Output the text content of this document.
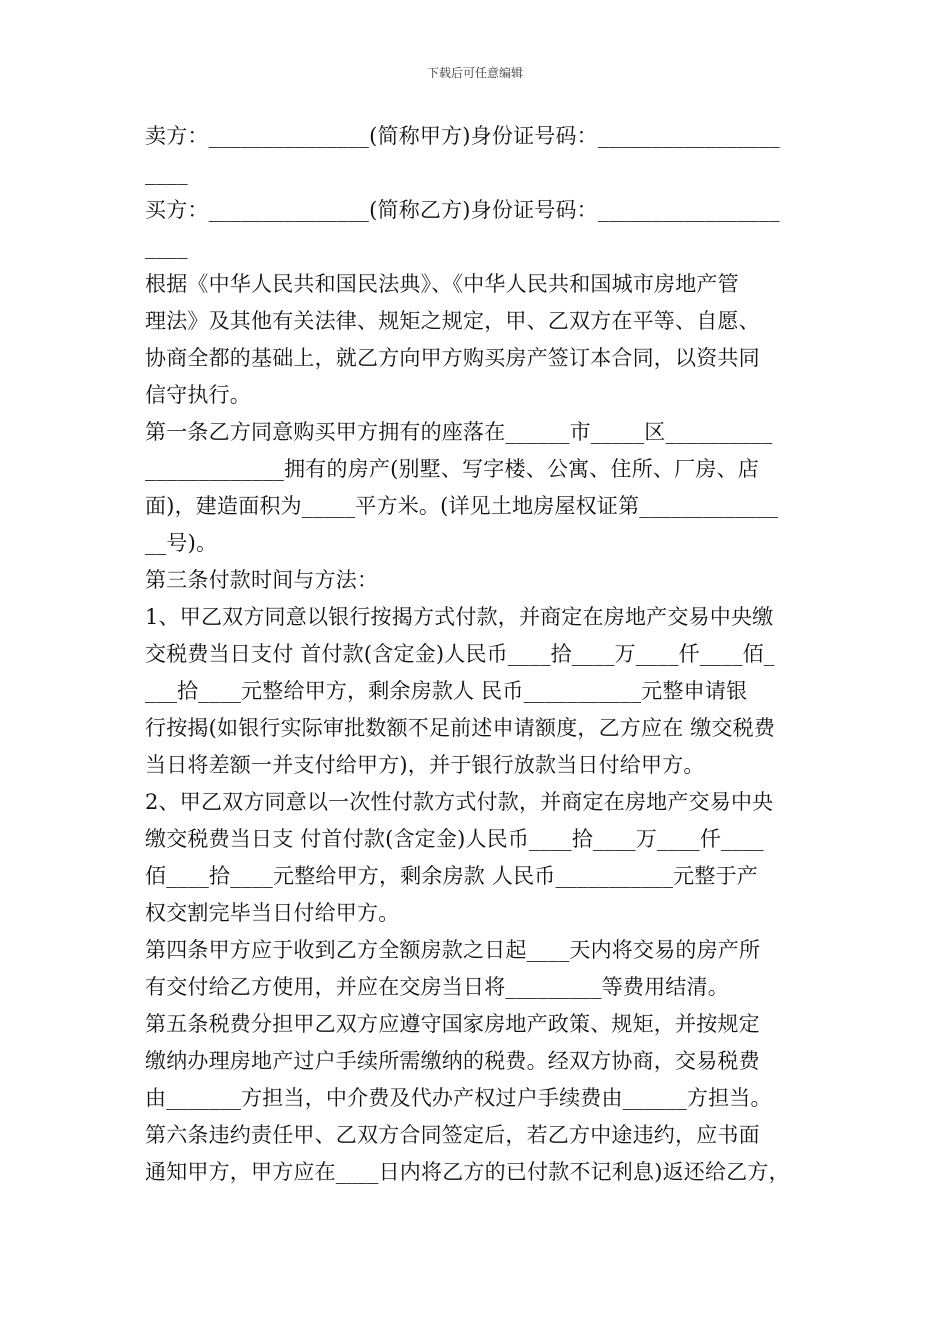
下载后可任意编辑
卖方：_______________(简称甲方)身份证号码：_________________
____
买方：_______________(简称乙方)身份证号码：_________________
____
根据《中华人民共和国民法典》、《中华人民共和国城市房地产管
理法》及其他有关法律、规矩之规定，甲、乙双方在平等、自愿、
协商全都的基础上，就乙方向甲方购买房产签订本合同，以资共同
信守执行。
第一条乙方同意购买甲方拥有的座落在______市_____区__________
_____________拥有的房产(别墅、写字楼、公寓、住所、厂房、店
面)，建造面积为_____平方米。(详见土地房屋权证第_____________
__号)。
第三条付款时间与方法：
1、甲乙双方同意以银行按揭方式付款，并商定在房地产交易中央缴
交税费当日支付 首付款(含定金)人民币____拾____万____仟____佰_
___拾____元整给甲方，剩余房款人 民币___________元整申请银
行按揭(如银行实际审批数额不足前述申请额度，乙方应在 缴交税费
当日将差额一并支付给甲方)，并于银行放款当日付给甲方。
2、甲乙双方同意以一次性付款方式付款，并商定在房地产交易中央
缴交税费当日支 付首付款(含定金)人民币____拾____万____仟____
佰____拾____元整给甲方，剩余房款 人民币___________元整于产
权交割完毕当日付给甲方。
第四条甲方应于收到乙方全额房款之日起____天内将交易的房产所
有交付给乙方使用，并应在交房当日将_________等费用结清。
第五条税费分担甲乙双方应遵守国家房地产政策、规矩，并按规定
缴纳办理房地产过户手续所需缴纳的税费。经双方协商，交易税费
由_______方担当，中介费及代办产权过户手续费由______方担当。
第六条违约责任甲、乙双方合同签定后，若乙方中途违约，应书面
通知甲方，甲方应在____日内将乙方的已付款不记利息)返还给乙方，
